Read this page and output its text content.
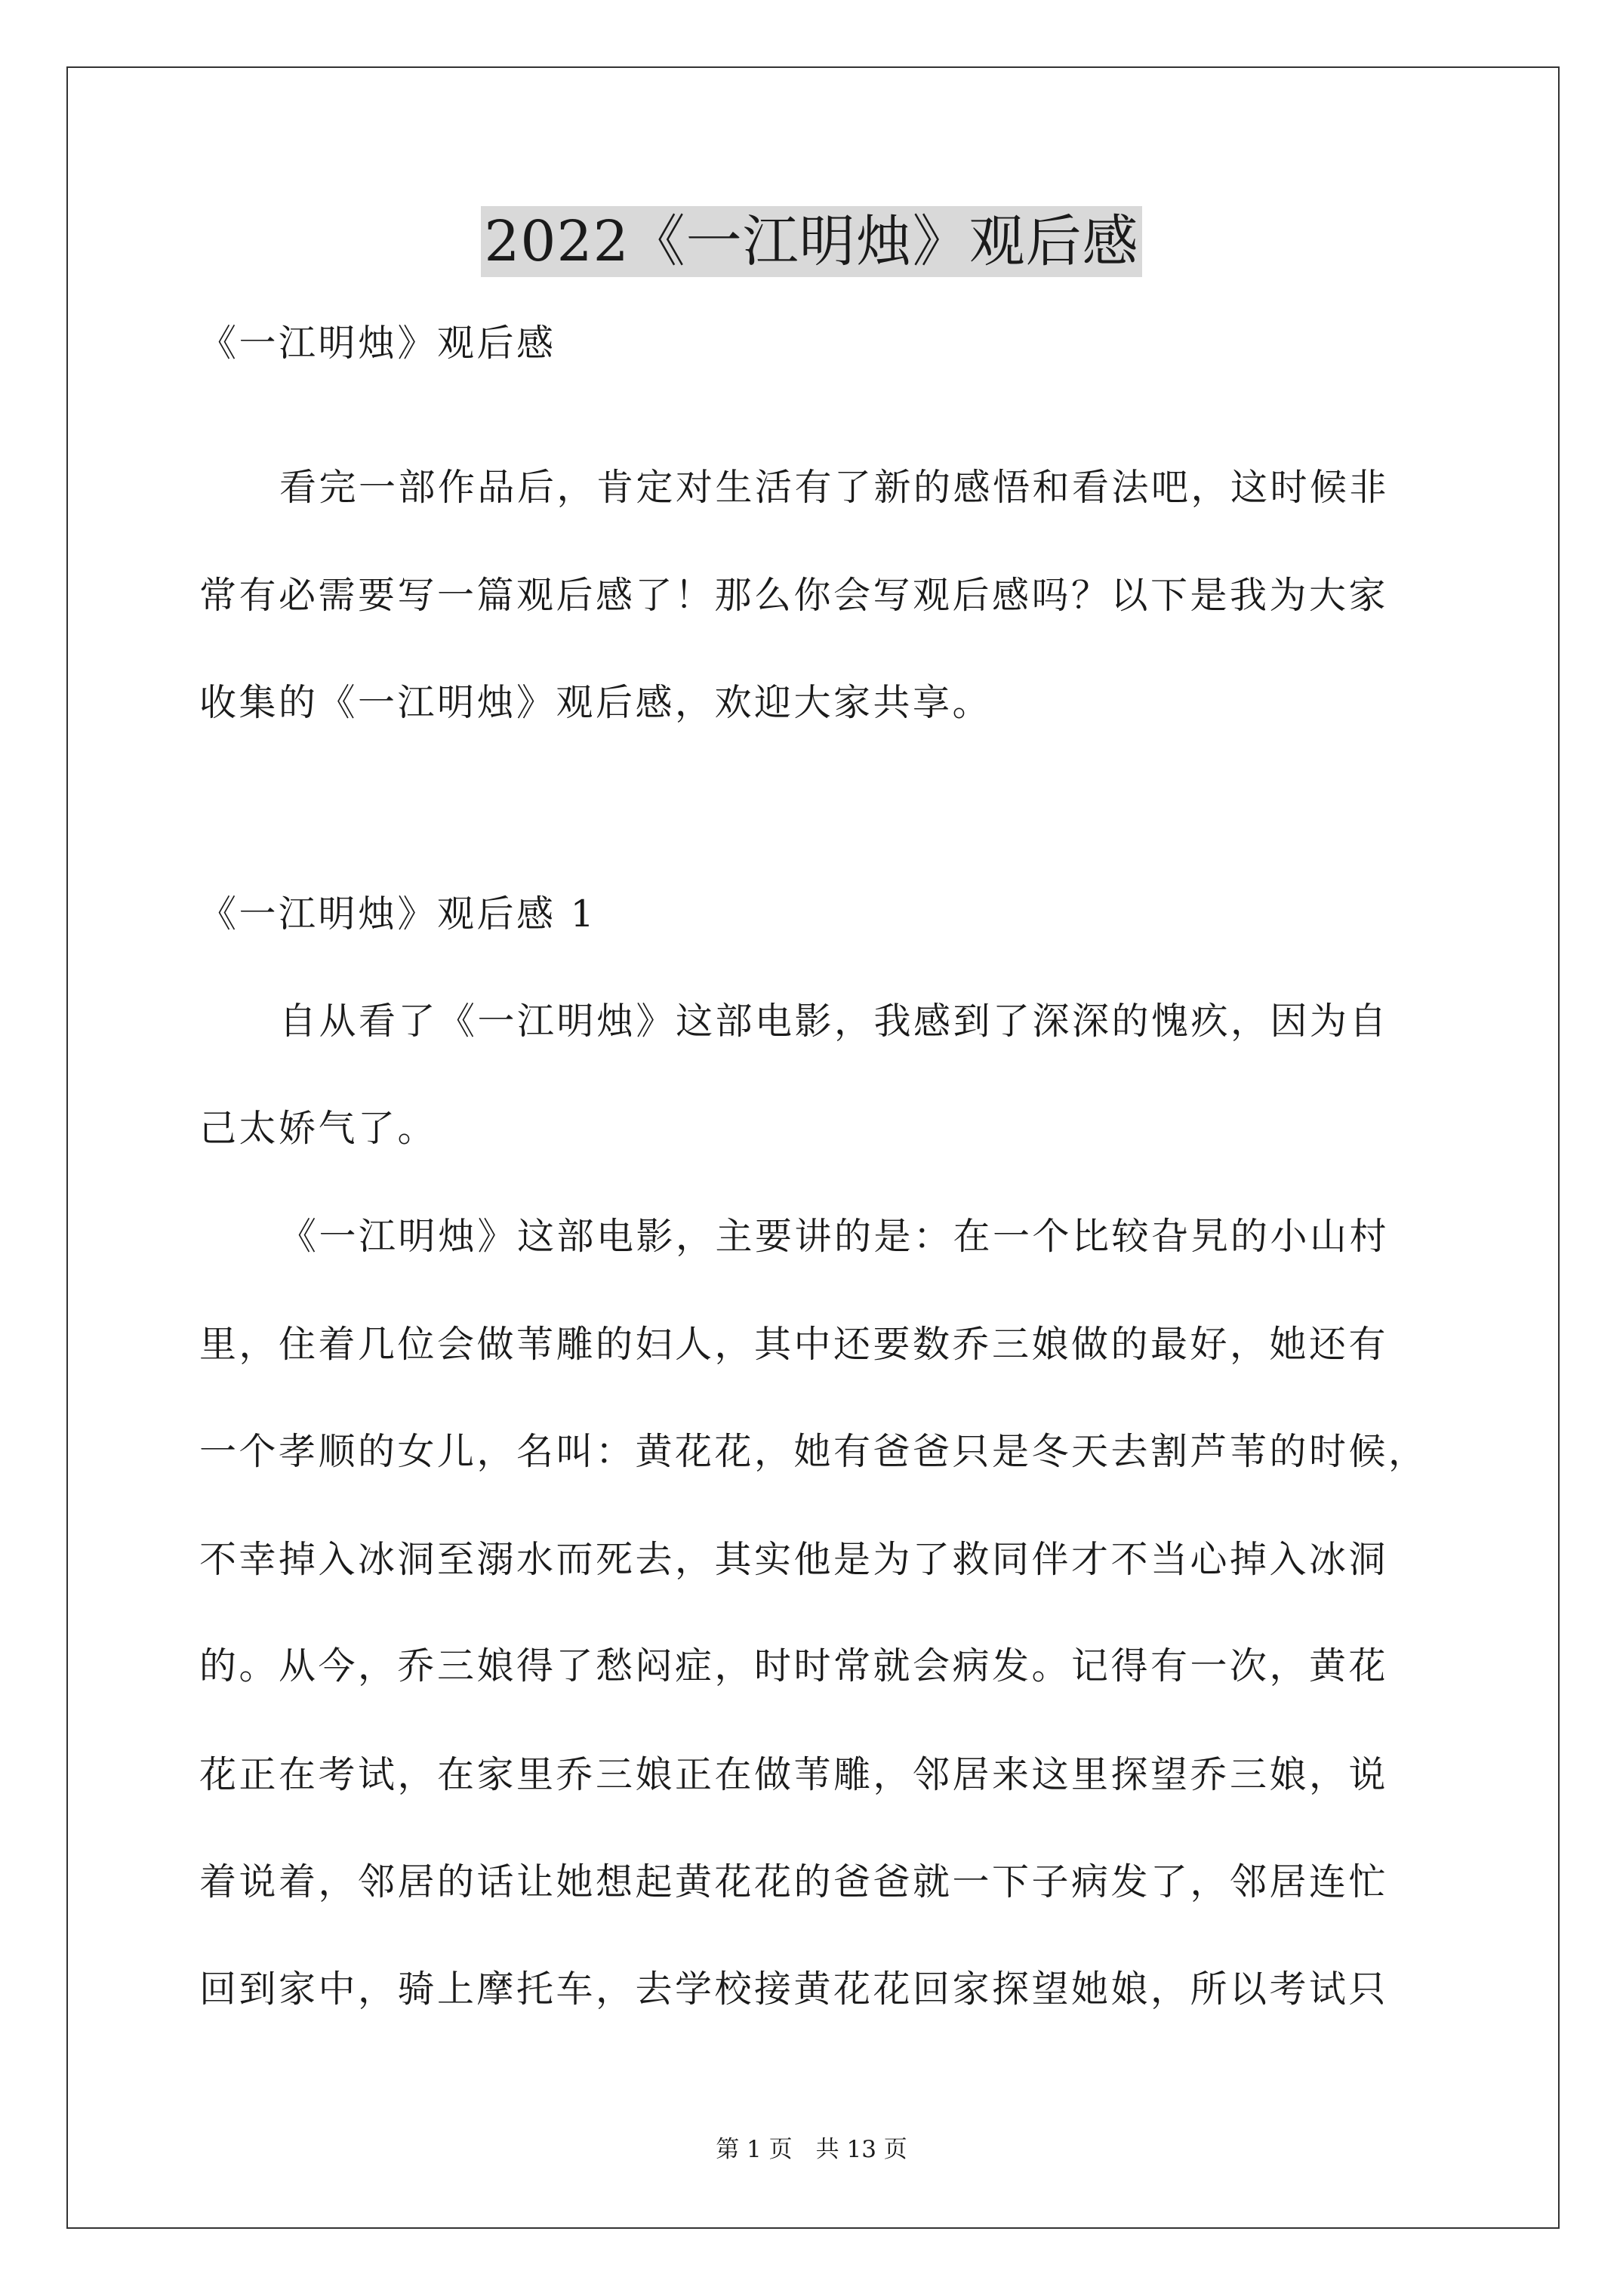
2022《一江明烛》观后感
《一江明烛》观后感
看完一部作品后，肯定对生活有了新的感悟和看法吧，这时候非
常有必需要写一篇观后感了！那么你会写观后感吗？以下是我为大家
收集的《一江明烛》观后感，欢迎大家共享。
《一江明烛》观后感 1
自从看了《一江明烛》这部电影，我感到了深深的愧疚，因为自
己太娇气了。
《一江明烛》这部电影，主要讲的是：在一个比较旮旯的小山村
里，住着几位会做苇雕的妇人，其中还要数乔三娘做的最好，她还有
一个孝顺的女儿，名叫：黄花花，她有爸爸只是冬天去割芦苇的时候，
不幸掉入冰洞至溺水而死去，其实他是为了救同伴才不当心掉入冰洞
的。从今，乔三娘得了愁闷症，时时常就会病发。记得有一次，黄花
花正在考试，在家里乔三娘正在做苇雕，邻居来这里探望乔三娘，说
着说着，邻居的话让她想起黄花花的爸爸就一下子病发了，邻居连忙
回到家中，骑上摩托车，去学校接黄花花回家探望她娘，所以考试只
第 1 页　共 13 页
